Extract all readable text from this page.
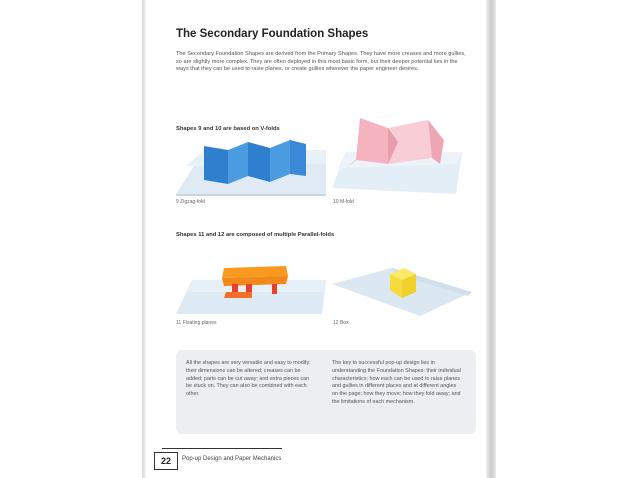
The Secondary Foundation Shapes
The Secondary Foundation Shapes are derived from the Primary Shapes. They have more creases and more gullies, so are slightly more complex. They are often deployed in this most basic form, but their deeper potential lies in the ways that they can be used to raise planes, or create gullies wherever the paper engineer desires.
Shapes 9 and 10 are based on V-folds
9 Zigzag-fold	10 M-fold
Shapes 11 and 12 are composed of multiple Parallel-folds
11 Floating planes	12 Box
All the shapes are very versatile and easy to modify: their dimensions can be altered; creases can be added; parts can be cut away; and extra pieces can be stuck on. They can also be combined with each other.
The key to successful pop-up design lies in understanding the Foundation Shapes: their individual characteristics; how each can be used to raise planes and gullies in different places and at different angles on the page; how they move; how they fold away; and the limitations of each mechanism.
22	Pop-up Design and Paper Mechanics
